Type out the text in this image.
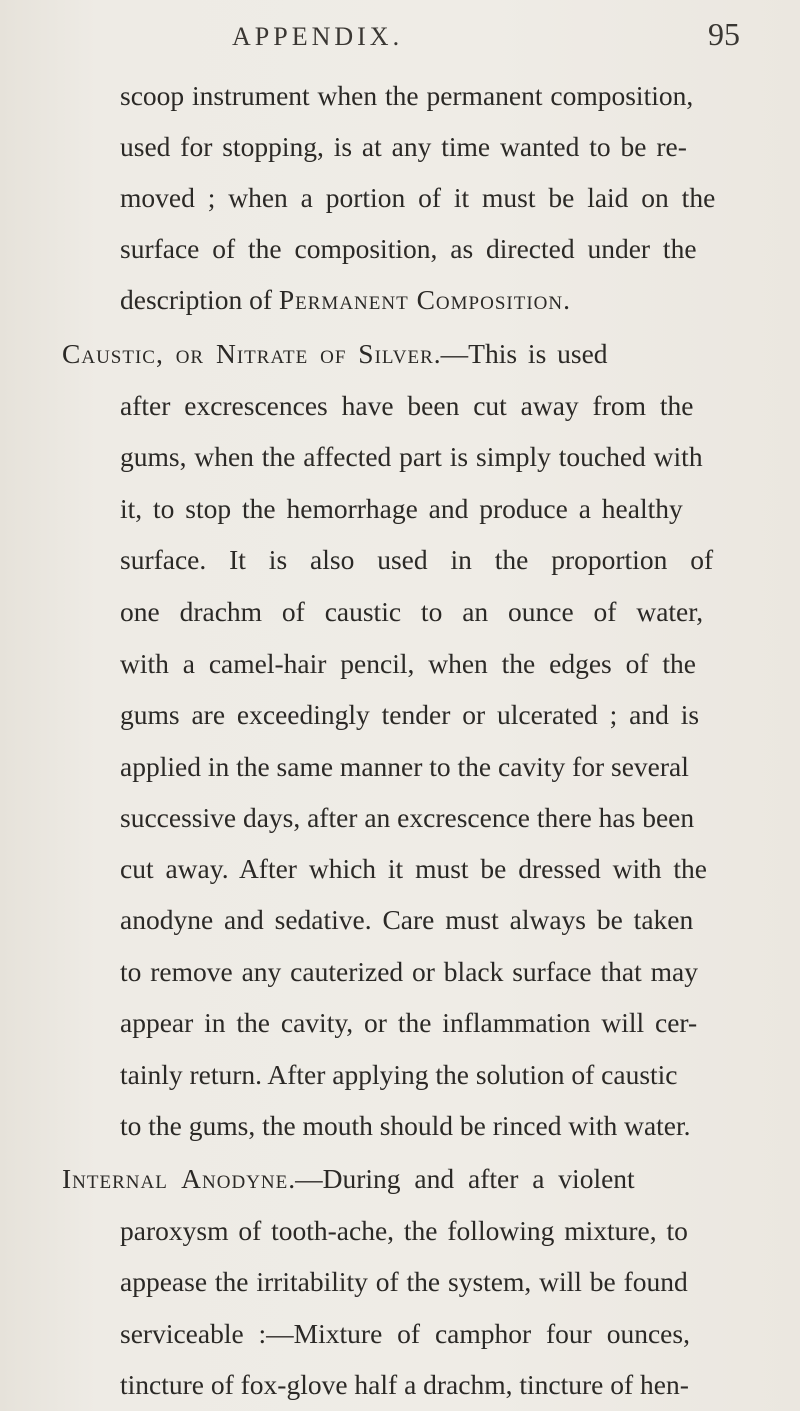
APPENDIX.	95
scoop instrument when the permanent composition,
used for stopping, is at any time wanted to be re-
moved ; when a portion of it must be laid on the
surface of the composition, as directed under the
description of Permanent Composition.
Caustic, or Nitrate of Silver.—This is used
after excrescences have been cut away from the
gums, when the affected part is simply touched with
it, to stop the hemorrhage and produce a healthy
surface. It is also used in the proportion of
one drachm of caustic to an ounce of water,
with a camel-hair pencil, when the edges of the
gums are exceedingly tender or ulcerated ; and is
applied in the same manner to the cavity for several
successive days, after an excrescence there has been
cut away. After which it must be dressed with the
anodyne and sedative. Care must always be taken
to remove any cauterized or black surface that may
appear in the cavity, or the inflammation will cer-
tainly return. After applying the solution of caustic
to the gums, the mouth should be rinced with water.
Internal Anodyne.—During and after a violent
paroxysm of tooth-ache, the following mixture, to
appease the irritability of the system, will be found
serviceable :—Mixture of camphor four ounces,
tincture of fox-glove half a drachm, tincture of hen-
